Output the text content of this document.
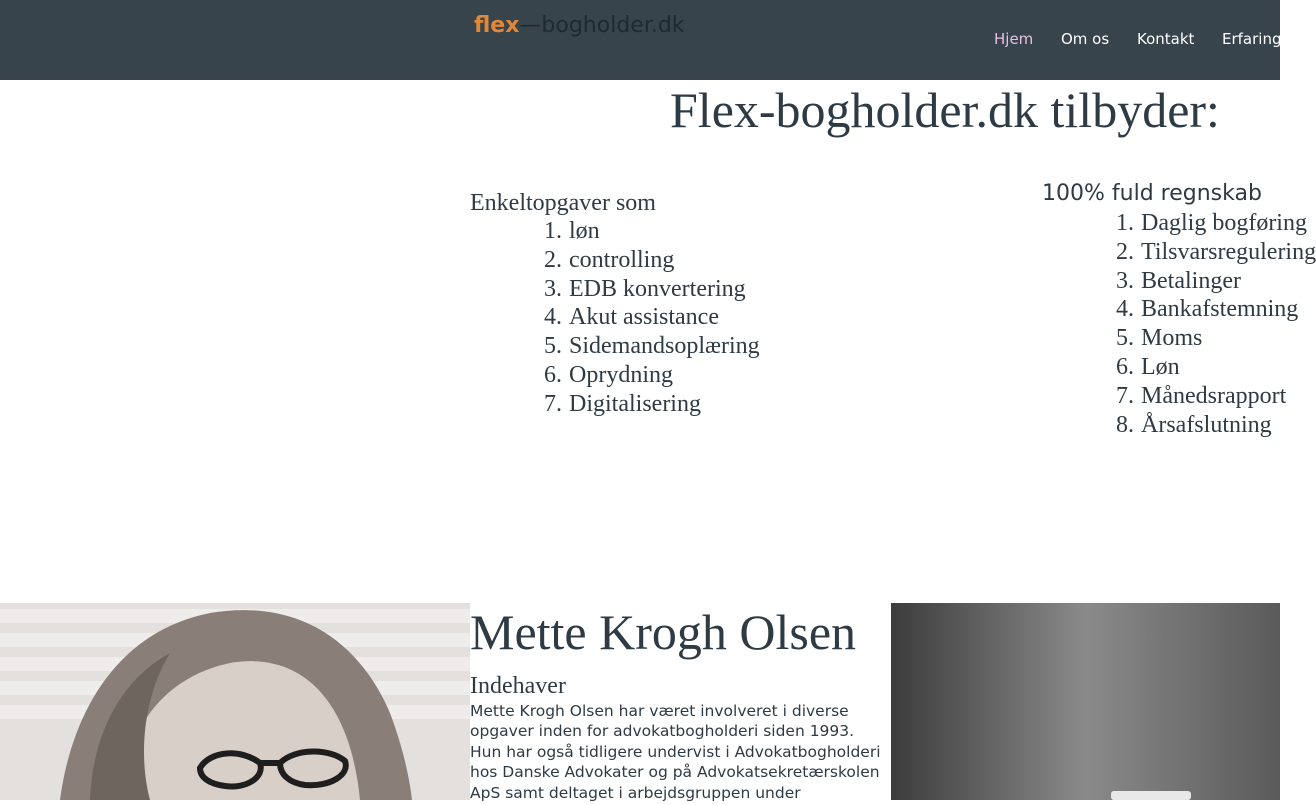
flex—bogholder.dk
Hjem Om os Kontakt Erfaring
Flex-bogholder.dk tilbyder:
Enkeltopgaver som
1. løn
2. controlling
3. EDB konvertering
4. Akut assistance
5. Sidemandsoplæring
6. Oprydning
7. Digitalisering
100% fuld regnskab
1. Daglig bogføring
2. Tilsvarsregulering
3. Betalinger
4. Bankafstemning
5. Moms
6. Løn
7. Månedsrapport
8. Årsafslutning
Mette Krogh Olsen
Indehaver
Mette Krogh Olsen har været involveret i diverse opgaver inden for advokatbogholderi siden 1993. Hun har også tidligere undervist i Advokatbogholderi hos Danske Advokater og på Advokatsekretærskolen ApS samt deltaget i arbejdsgruppen under
